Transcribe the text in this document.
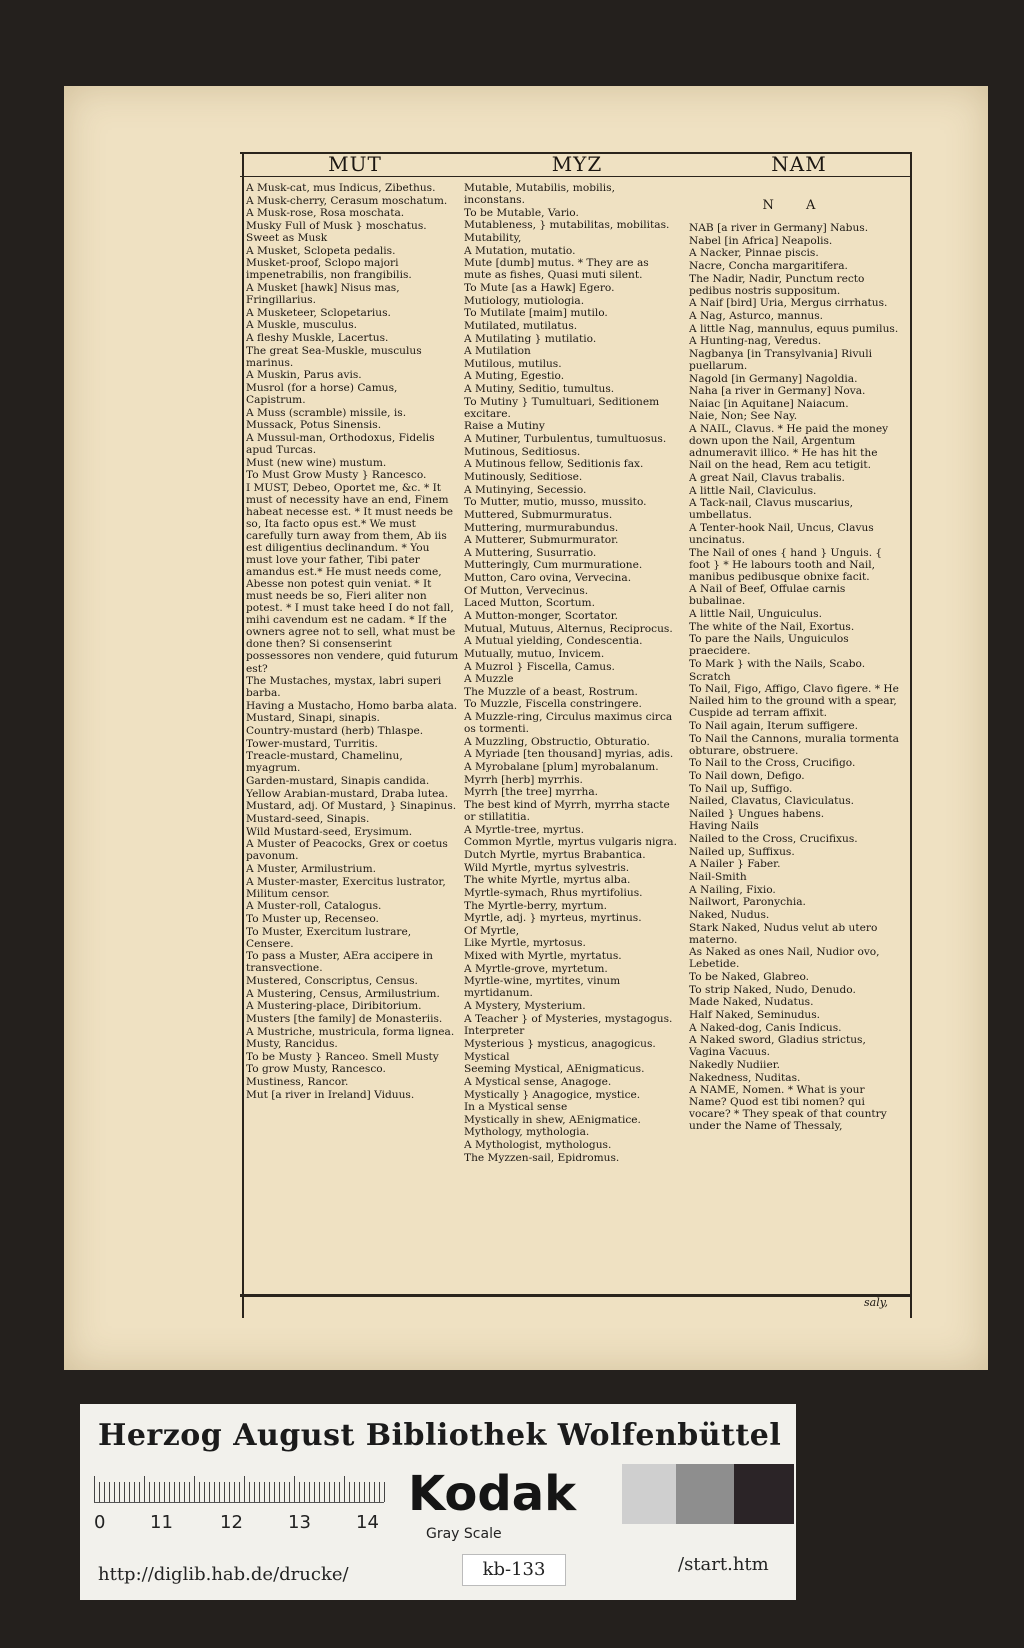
MUT	MYZ	NAM
A Musk-cat, mus Indicus, Zibethus.
A Musk-cherry, Cerasum moschatum.
A Musk-rose, Rosa moschata.
Musky Full of Musk } moschatus. Sweet as Musk
A Musket, Sclopeta pedalis.
Musket-proof, Sclopo majori impenetrabilis, non frangibilis.
A Musket [hawk] Nisus mas, Fringillarius.
A Musketeer, Sclopetarius.
A Muskle, musculus.
A fleshy Muskle, Lacertus.
The great Sea-Muskle, musculus marinus.
A Muskin, Parus avis.
Musrol (for a horse) Camus, Capistrum.
A Muss (scramble) missile, is.
Mussack, Potus Sinensis.
A Mussul-man, Orthodoxus, Fidelis apud Turcas.
Must (new wine) mustum.
To Must Grow Musty } Rancesco.
I MUST, Debeo, Oportet me, &c. * It must of necessity have an end, Finem habeat necesse est. * It must needs be so, Ita facto opus est.* We must carefully turn away from them, Ab iis est diligentius declinandum. * You must love your father, Tibi pater amandus est.* He must needs come, Abesse non potest quin veniat. * It must needs be so, Fieri aliter non potest. * I must take heed I do not fall, mihi cavendum est ne cadam. * If the owners agree not to sell, what must be done then? Si consenserint possessores non vendere, quid futurum est?
The Mustaches, mystax, labri superi barba.
Having a Mustacho, Homo barba alata.
Mustard, Sinapi, sinapis.
Country-mustard (herb) Thlaspe.
Tower-mustard, Turritis.
Treacle-mustard, Chamelinu, myagrum.
Garden-mustard, Sinapis candida.
Yellow Arabian-mustard, Draba lutea.
Mustard, adj. Of Mustard, } Sinapinus.
Mustard-seed, Sinapis.
Wild Mustard-seed, Erysimum.
A Muster of Peacocks, Grex or coetus pavonum.
A Muster, Armilustrium.
A Muster-master, Exercitus lustrator, Militum censor.
A Muster-roll, Catalogus.
To Muster up, Recenseo.
To Muster, Exercitum lustrare, Censere.
To pass a Muster, AEra accipere in transvectione.
Mustered, Conscriptus, Census.
A Mustering, Census, Armilustrium.
A Mustering-place, Diribitorium.
Musters [the family] de Monasteriis.
A Mustriche, mustricula, forma lignea.
Musty, Rancidus.
To be Musty } Ranceo. Smell Musty
To grow Musty, Rancesco.
Mustiness, Rancor.
Mut [a river in Ireland] Viduus.
Mutable, Mutabilis, mobilis, inconstans.
To be Mutable, Vario.
Mutableness, } mutabilitas, mobilitas.
Mutability,
A Mutation, mutatio.
Mute [dumb] mutus. * They are as mute as fishes, Quasi muti silent.
To Mute [as a Hawk] Egero.
Mutiology, mutiologia.
To Mutilate [maim] mutilo.
Mutilated, mutilatus.
A Mutilating } mutilatio.
A Mutilation
Mutilous, mutilus.
A Muting, Egestio.
A Mutiny, Seditio, tumultus.
To Mutiny } Tumultuari, Seditionem excitare.
Raise a Mutiny
A Mutiner, Turbulentus, tumultuosus.
Mutinous, Seditiosus.
A Mutinous fellow, Seditionis fax.
Mutinously, Seditiose.
A Mutinying, Secessio.
To Mutter, mutio, musso, mussito.
Muttered, Submurmuratus.
Muttering, murmurabundus.
A Mutterer, Submurmurator.
A Muttering, Susurratio.
Mutteringly, Cum murmuratione.
Mutton, Caro ovina, Vervecina.
Of Mutton, Vervecinus.
Laced Mutton, Scortum.
A Mutton-monger, Scortator.
Mutual, Mutuus, Alternus, Reciprocus.
A Mutual yielding, Condescentia.
Mutually, mutuo, Invicem.
A Muzrol } Fiscella, Camus.
A Muzzle
The Muzzle of a beast, Rostrum.
To Muzzle, Fiscella constringere.
A Muzzle-ring, Circulus maximus circa os tormenti.
A Muzzling, Obstructio, Obturatio.
A Myriade [ten thousand] myrias, adis.
A Myrobalane [plum] myrobalanum.
Myrrh [herb] myrrhis.
Myrrh [the tree] myrrha.
The best kind of Myrrh, myrrha stacte or stillatitia.
A Myrtle-tree, myrtus.
Common Myrtle, myrtus vulgaris nigra.
Dutch Myrtle, myrtus Brabantica.
Wild Myrtle, myrtus sylvestris.
The white Myrtle, myrtus alba.
Myrtle-symach, Rhus myrtifolius.
The Myrtle-berry, myrtum.
Myrtle, adj. } myrteus, myrtinus.
Of Myrtle,
Like Myrtle, myrtosus.
Mixed with Myrtle, myrtatus.
A Myrtle-grove, myrtetum.
Myrtle-wine, myrtites, vinum myrtidanum.
A Mystery, Mysterium.
A Teacher } of Mysteries, mystagogus.
Interpreter
Mysterious } mysticus, anagogicus.
Mystical
Seeming Mystical, AEnigmaticus.
A Mystical sense, Anagoge.
Mystically } Anagogice, mystice.
In a Mystical sense
Mystically in shew, AEnigmatice.
Mythology, mythologia.
A Mythologist, mythologus.
The Myzzen-sail, Epidromus.
N A
NAB [a river in Germany] Nabus.
Nabel [in Africa] Neapolis.
A Nacker, Pinnae piscis.
Nacre, Concha margaritifera.
The Nadir, Nadir, Punctum recto pedibus nostris suppositum.
A Naif [bird] Uria, Mergus cirrhatus.
A Nag, Asturco, mannus.
A little Nag, mannulus, equus pumilus.
A Hunting-nag, Veredus.
Nagbanya [in Transylvania] Rivuli puellarum.
Nagold [in Germany] Nagoldia.
Naha [a river in Germany] Nova.
Naiac [in Aquitane] Naiacum.
Naie, Non; See Nay.
A NAIL, Clavus. * He paid the money down upon the Nail, Argentum adnumeravit illico. * He has hit the Nail on the head, Rem acu tetigit.
A great Nail, Clavus trabalis.
A little Nail, Claviculus.
A Tack-nail, Clavus muscarius, umbellatus.
A Tenter-hook Nail, Uncus, Clavus uncinatus.
The Nail of ones { hand } Unguis. { foot } * He labours tooth and Nail, manibus pedibusque obnixe facit.
A Nail of Beef, Offulae carnis bubalinae.
A little Nail, Unguiculus.
The white of the Nail, Exortus.
To pare the Nails, Unguiculos praecidere.
To Mark } with the Nails, Scabo.
Scratch
To Nail, Figo, Affigo, Clavo figere. * He Nailed him to the ground with a spear, Cuspide ad terram affixit.
To Nail again, Iterum suffigere.
To Nail the Cannons, muralia tormenta obturare, obstruere.
To Nail to the Cross, Crucifigo.
To Nail down, Defigo.
To Nail up, Suffigo.
Nailed, Clavatus, Claviculatus.
Nailed } Ungues habens.
Having Nails
Nailed to the Cross, Crucifixus.
Nailed up, Suffixus.
A Nailer } Faber.
Nail-Smith
A Nailing, Fixio.
Nailwort, Paronychia.
Naked, Nudus.
Stark Naked, Nudus velut ab utero materno.
As Naked as ones Nail, Nudior ovo, Lebetide.
To be Naked, Glabreo.
To strip Naked, Nudo, Denudo.
Made Naked, Nudatus.
Half Naked, Seminudus.
A Naked-dog, Canis Indicus.
A Naked sword, Gladius strictus, Vagina Vacuus.
Nakedly Nudiier.
Nakedness, Nuditas.
A NAME, Nomen. * What is your Name? Quod est tibi nomen? qui vocare? * They speak of that country under the Name of Thessaly,
saly,
Herzog August Bibliothek Wolfenbüttel
0 11	12	13	14
Kodak
Gray Scale
http://diglib.hab.de/drucke/	kb-133	/start.htm
